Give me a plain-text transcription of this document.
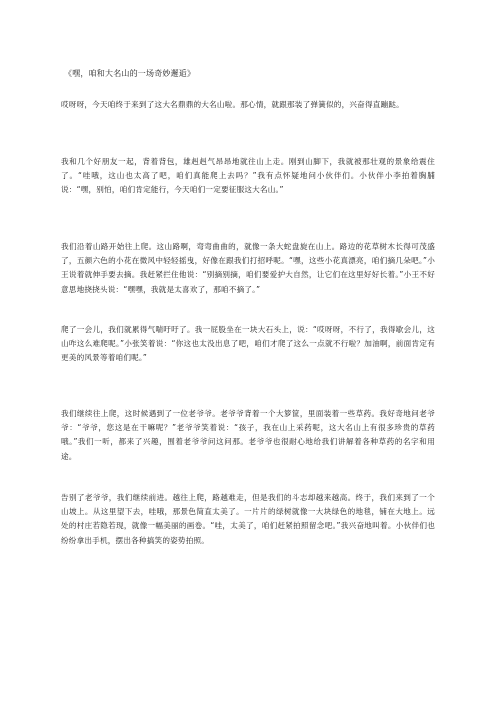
《嘿，咱和大名山的一场奇妙邂逅》

哎呀呀，今天咱终于来到了这大名鼎鼎的大名山啦。那心情，就跟那装了弹簧似的，兴奋得直蹦跶。

我和几个好朋友一起，背着背包，雄赳赳气昂昂地就往山上走。刚到山脚下，我就被那壮观的景象给震住了。“哇哦，这山也太高了吧，咱们真能爬上去吗？”我有点怀疑地问小伙伴们。小伙伴小李拍着胸脯说：“嘿，别怕，咱们肯定能行，今天咱们一定要征服这大名山。”

我们沿着山路开始往上爬。这山路啊，弯弯曲曲的，就像一条大蛇盘旋在山上。路边的花草树木长得可茂盛了，五颜六色的小花在微风中轻轻摇曳，好像在跟我们打招呼呢。“嘿，这些小花真漂亮，咱们摘几朵吧。”小王说着就伸手要去摘。我赶紧拦住他说：“别摘别摘，咱们要爱护大自然，让它们在这里好好长着。”小王不好意思地挠挠头说：“嘿嘿，我就是太喜欢了，那咱不摘了。”

爬了一会儿，我们就累得气喘吁吁了。我一屁股坐在一块大石头上，说：“哎呀呀，不行了，我得歇会儿，这山咋这么难爬呢。”小张笑着说：“你这也太没出息了吧，咱们才爬了这么一点就不行啦？加油啊，前面肯定有更美的风景等着咱们呢。”

我们继续往上爬，这时候遇到了一位老爷爷。老爷爷背着一个大箩筐，里面装着一些草药。我好奇地问老爷爷：“爷爷，您这是在干嘛呢？”老爷爷笑着说：“孩子，我在山上采药呢，这大名山上有很多珍贵的草药哦。”我们一听，都来了兴趣，围着老爷爷问这问那。老爷爷也很耐心地给我们讲解着各种草药的名字和用途。

告别了老爷爷，我们继续前进。越往上爬，路越难走，但是我们的斗志却越来越高。终于，我们来到了一个山坡上。从这里望下去，哇哦，那景色简直太美了。一片片的绿树就像一大块绿色的地毯，铺在大地上。远处的村庄若隐若现，就像一幅美丽的画卷。“哇，太美了，咱们赶紧拍照留念吧。”我兴奋地叫着。小伙伴们也纷纷拿出手机，摆出各种搞笑的姿势拍照。
